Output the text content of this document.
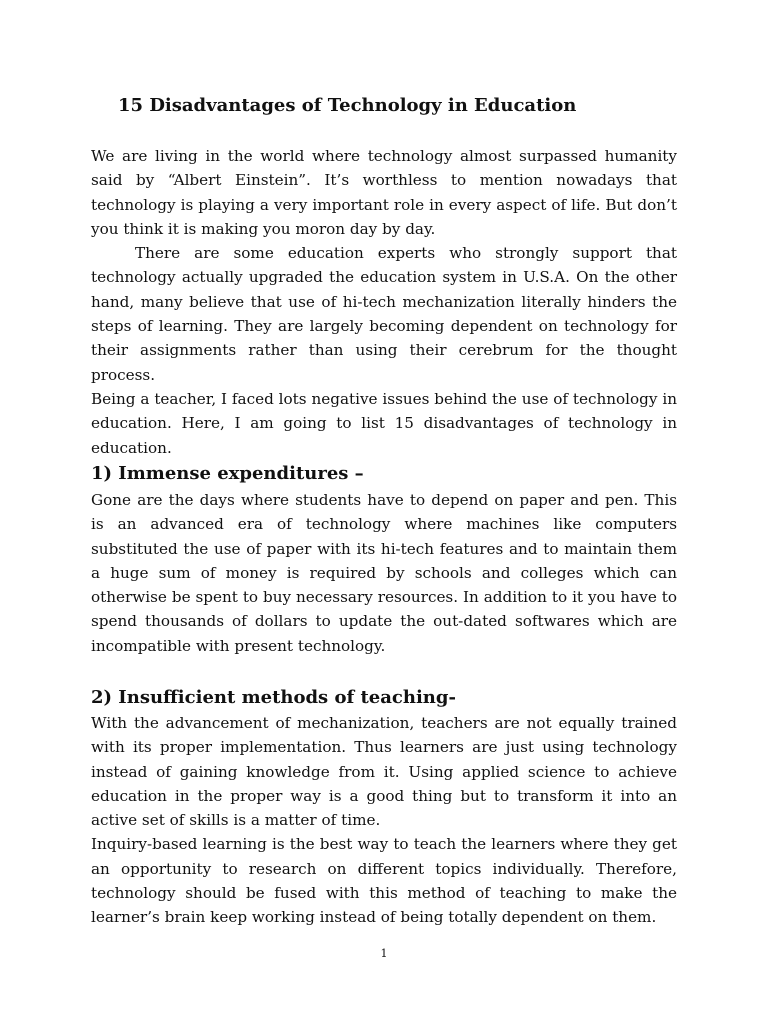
15 Disadvantages of Technology in Education

We are living in the world where technology almost surpassed humanity said by “Albert Einstein”. It’s worthless to mention nowadays that technology is playing a very important role in every aspect of life. But don’t you think it is making you moron day by day.

There are some education experts who strongly support that technology actually upgraded the education system in U.S.A. On the other hand, many believe that use of hi-tech mechanization literally hinders the steps of learning. They are largely becoming dependent on technology for their assignments rather than using their cerebrum for the thought process.

Being a teacher, I faced lots negative issues behind the use of technology in education. Here, I am going to list 15 disadvantages of technology in education.

1) Immense expenditures –

Gone are the days where students have to depend on paper and pen. This is an advanced era of technology where machines like computers substituted the use of paper with its hi-tech features and to maintain them a huge sum of money is required by schools and colleges which can otherwise be spent to buy necessary resources. In addition to it you have to spend thousands of dollars to update the out-dated softwares which are incompatible with present technology.

2) Insufficient methods of teaching-

With the advancement of mechanization, teachers are not equally trained with its proper implementation. Thus learners are just using technology instead of gaining knowledge from it. Using applied science to achieve education in the proper way is a good thing but to transform it into an active set of skills is a matter of time.

Inquiry-based learning is the best way to teach the learners where they get an opportunity to research on different topics individually. Therefore, technology should be fused with this method of teaching to make the learner’s brain keep working instead of being totally dependent on them.

1
